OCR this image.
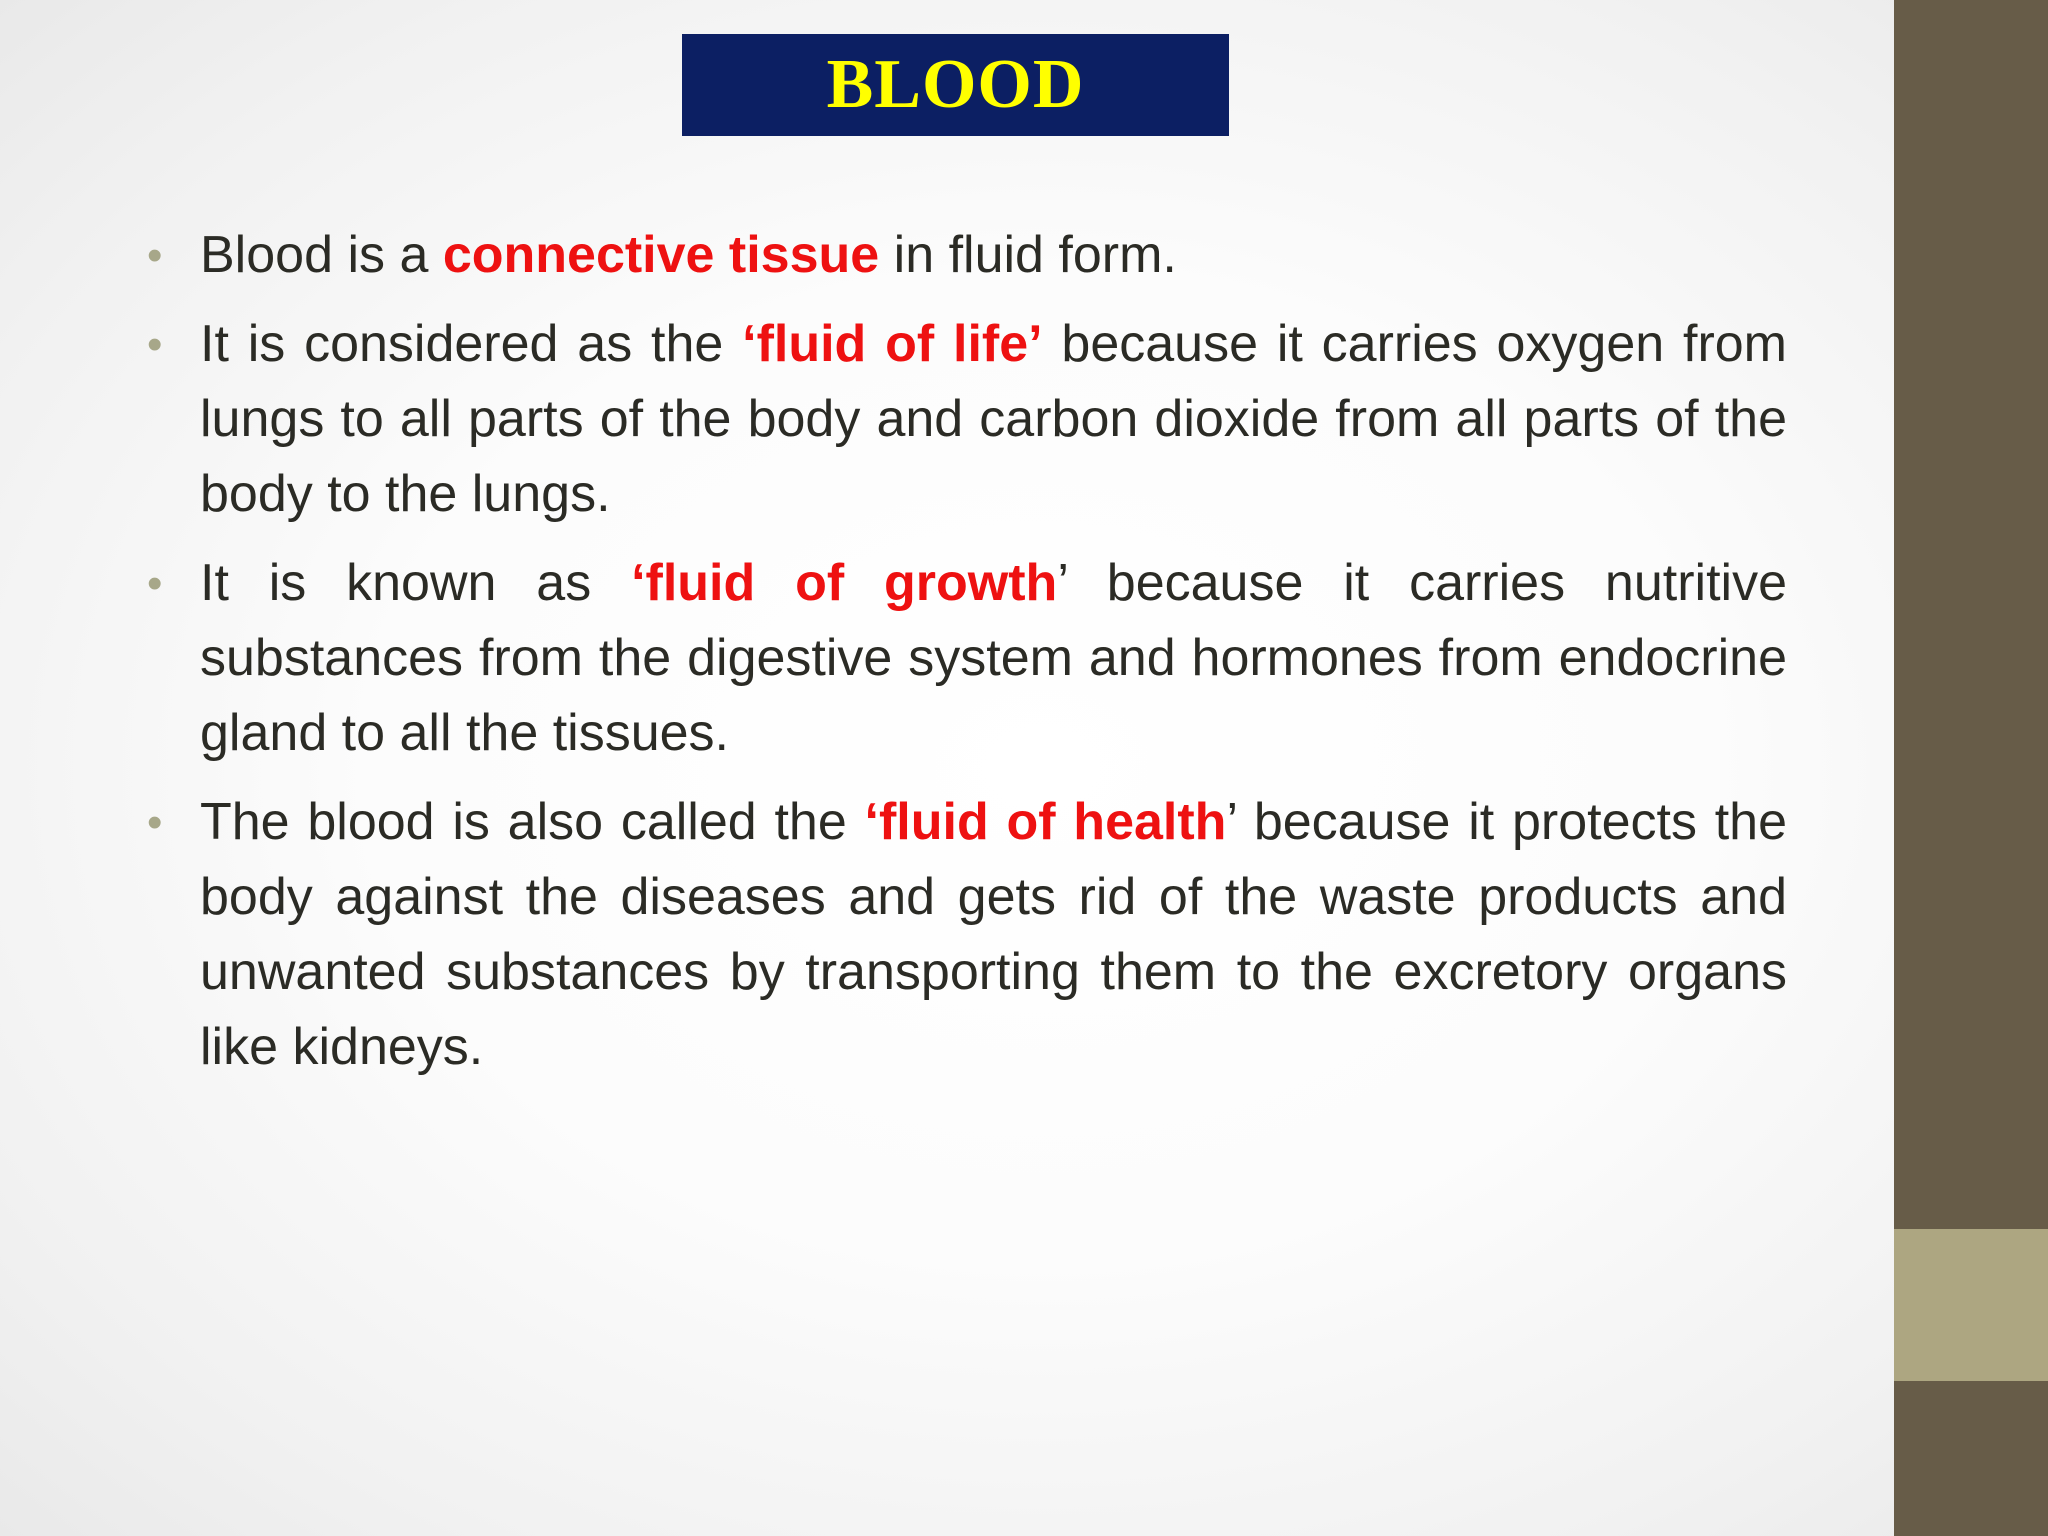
BLOOD
• Blood is a connective tissue in fluid form.
• It is considered as the ‘fluid of life’ because it carries oxygen from lungs to all parts of the body and carbon dioxide from all parts of the body to the lungs.
• It is known as ‘fluid of growth’ because it carries nutritive substances from the digestive system and hormones from endocrine gland to all the tissues.
• The blood is also called the ‘fluid of health’ because it protects the body against the diseases and gets rid of the waste products and unwanted substances by transporting them to the excretory organs like kidneys.
